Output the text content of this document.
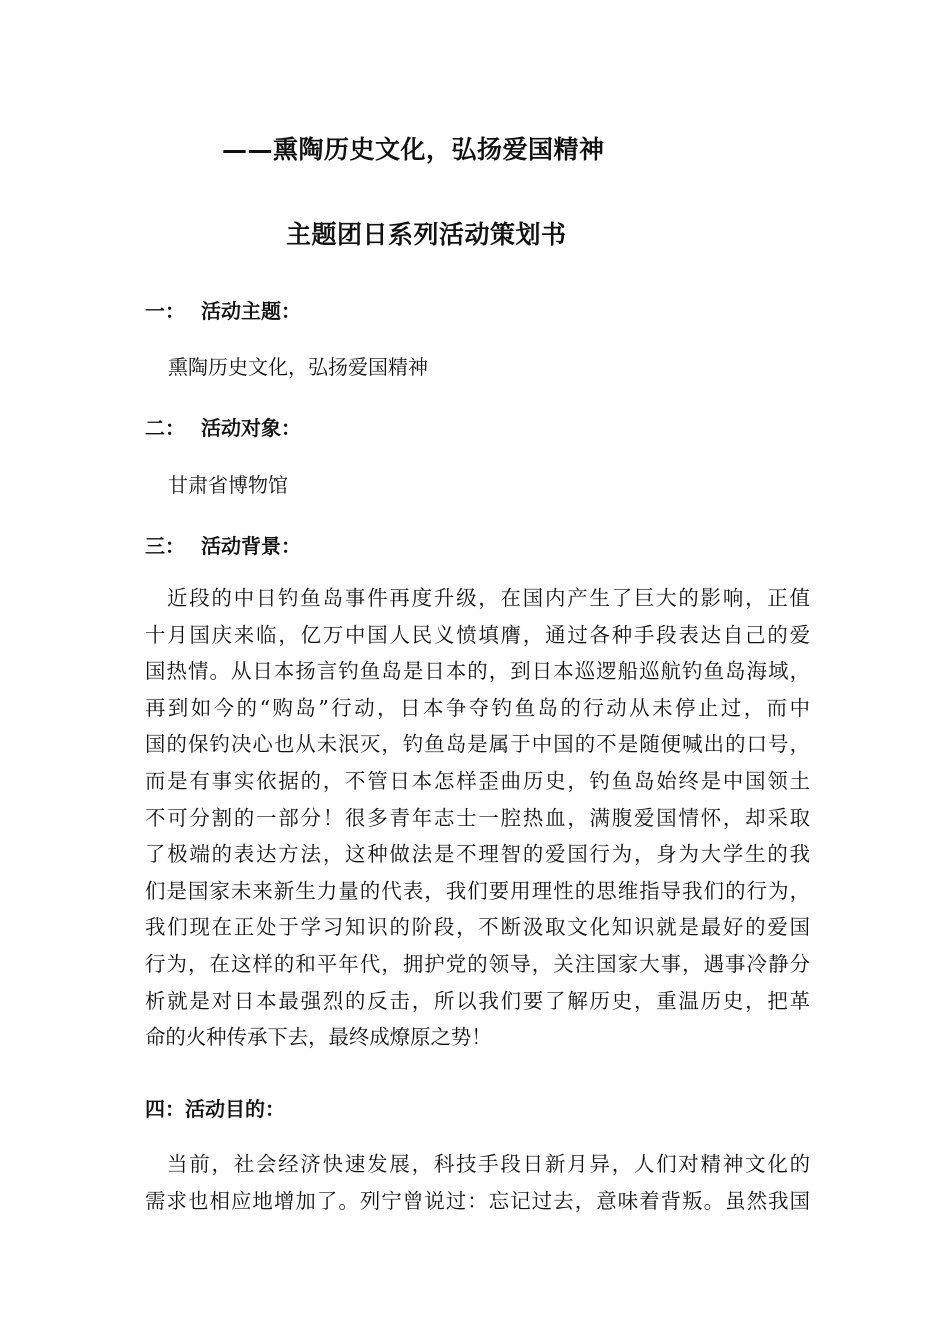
——熏陶历史文化，弘扬爱国精神
主题团日系列活动策划书
一： 活动主题：
熏陶历史文化，弘扬爱国精神
二： 活动对象：
甘肃省博物馆
三： 活动背景：
近段的中日钓鱼岛事件再度升级，在国内产生了巨大的影响，正值
十月国庆来临，亿万中国人民义愤填膺，通过各种手段表达自己的爱
国热情。从日本扬言钓鱼岛是日本的，到日本巡逻船巡航钓鱼岛海域，
再到如今的“购岛”行动，日本争夺钓鱼岛的行动从未停止过，而中
国的保钓决心也从未泯灭，钓鱼岛是属于中国的不是随便喊出的口号，
而是有事实依据的，不管日本怎样歪曲历史，钓鱼岛始终是中国领土
不可分割的一部分！很多青年志士一腔热血，满腹爱国情怀，却采取
了极端的表达方法，这种做法是不理智的爱国行为，身为大学生的我
们是国家未来新生力量的代表，我们要用理性的思维指导我们的行为，
我们现在正处于学习知识的阶段，不断汲取文化知识就是最好的爱国
行为，在这样的和平年代，拥护党的领导，关注国家大事，遇事冷静分
析就是对日本最强烈的反击，所以我们要了解历史，重温历史，把革
命的火种传承下去，最终成燎原之势！
四：活动目的：
当前，社会经济快速发展，科技手段日新月异，人们对精神文化的
需求也相应地增加了。列宁曾说过：忘记过去，意味着背叛。虽然我国
